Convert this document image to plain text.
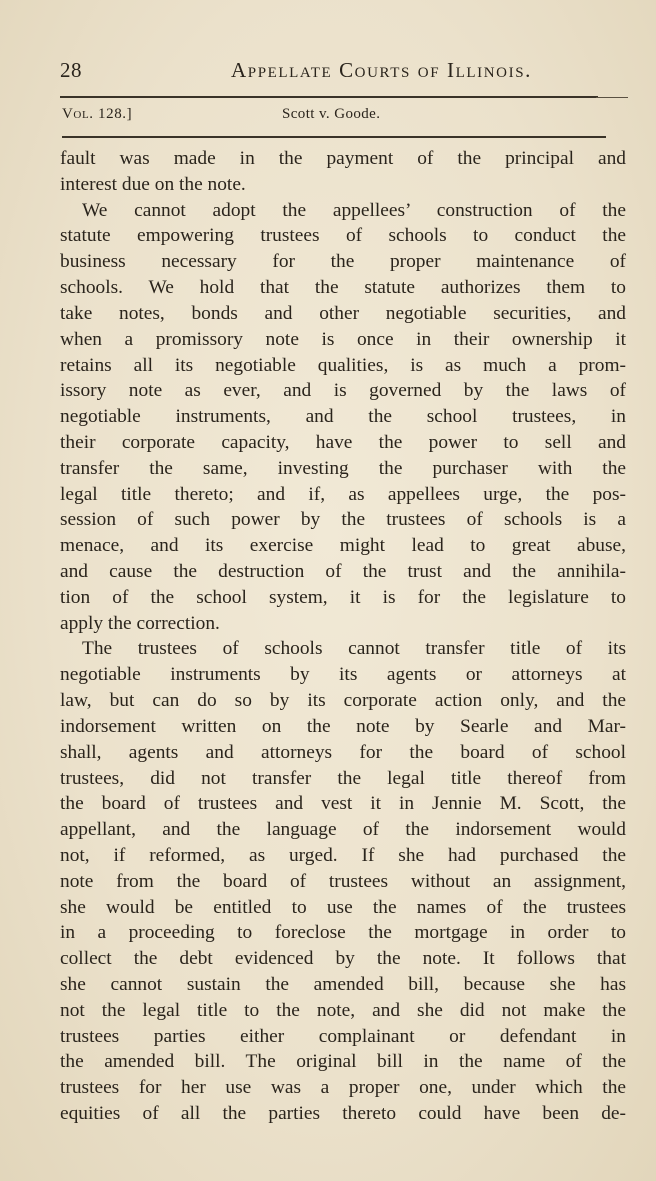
28	Appellate Courts of Illinois.
Vol. 128.]	Scott v. Goode.
fault was made in the payment of the principal and
interest due on the note.
We cannot adopt the appellees’ construction of the
statute empowering trustees of schools to conduct the
business necessary for the proper maintenance of
schools. We hold that the statute authorizes them to
take notes, bonds and other negotiable securities, and
when a promissory note is once in their ownership it
retains all its negotiable qualities, is as much a prom-
issory note as ever, and is governed by the laws of
negotiable instruments, and the school trustees, in
their corporate capacity, have the power to sell and
transfer the same, investing the purchaser with the
legal title thereto; and if, as appellees urge, the pos-
session of such power by the trustees of schools is a
menace, and its exercise might lead to great abuse,
and cause the destruction of the trust and the annihila-
tion of the school system, it is for the legislature to
apply the correction.
The trustees of schools cannot transfer title of its
negotiable instruments by its agents or attorneys at
law, but can do so by its corporate action only, and the
indorsement written on the note by Searle and Mar-
shall, agents and attorneys for the board of school
trustees, did not transfer the legal title thereof from
the board of trustees and vest it in Jennie M. Scott, the
appellant, and the language of the indorsement would
not, if reformed, as urged. If she had purchased the
note from the board of trustees without an assignment,
she would be entitled to use the names of the trustees
in a proceeding to foreclose the mortgage in order to
collect the debt evidenced by the note. It follows that
she cannot sustain the amended bill, because she has
not the legal title to the note, and she did not make the
trustees parties either complainant or defendant in
the amended bill. The original bill in the name of the
trustees for her use was a proper one, under which the
equities of all the parties thereto could have been de-
